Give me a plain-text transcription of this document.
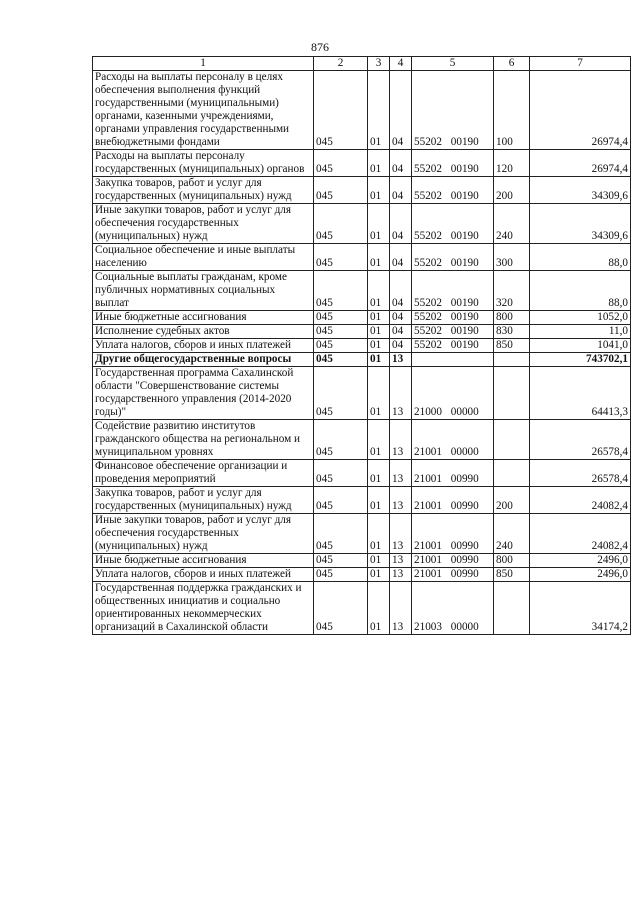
876
1	2	3	4	5	6	7
Расходы на выплаты персоналу в целях обеспечения выполнения функций государственными (муниципальными) органами, казенными учреждениями, органами управления государственными внебюджетными фондами	045	01	04	55202 00190	100	26974,4
Расходы на выплаты персоналу государственных (муниципальных) органов	045	01	04	55202 00190	120	26974,4
Закупка товаров, работ и услуг для государственных (муниципальных) нужд	045	01	04	55202 00190	200	34309,6
Иные закупки товаров, работ и услуг для обеспечения государственных (муниципальных) нужд	045	01	04	55202 00190	240	34309,6
Социальное обеспечение и иные выплаты населению	045	01	04	55202 00190	300	88,0
Социальные выплаты гражданам, кроме публичных нормативных социальных выплат	045	01	04	55202 00190	320	88,0
Иные бюджетные ассигнования	045	01	04	55202 00190	800	1052,0
Исполнение судебных актов	045	01	04	55202 00190	830	11,0
Уплата налогов, сборов и иных платежей	045	01	04	55202 00190	850	1041,0
Другие общегосударственные вопросы	045	01	13			743702,1
Государственная программа Сахалинской области "Совершенствование системы государственного управления (2014-2020 годы)"	045	01	13	21000 00000		64413,3
Содействие развитию институтов гражданского общества на региональном и муниципальном уровнях	045	01	13	21001 00000		26578,4
Финансовое обеспечение организации и проведения мероприятий	045	01	13	21001 00990		26578,4
Закупка товаров, работ и услуг для государственных (муниципальных) нужд	045	01	13	21001 00990	200	24082,4
Иные закупки товаров, работ и услуг для обеспечения государственных (муниципальных) нужд	045	01	13	21001 00990	240	24082,4
Иные бюджетные ассигнования	045	01	13	21001 00990	800	2496,0
Уплата налогов, сборов и иных платежей	045	01	13	21001 00990	850	2496,0
Государственная поддержка гражданских и общественных инициатив и социально ориентированных некоммерческих организаций в Сахалинской области	045	01	13	21003 00000		34174,2
